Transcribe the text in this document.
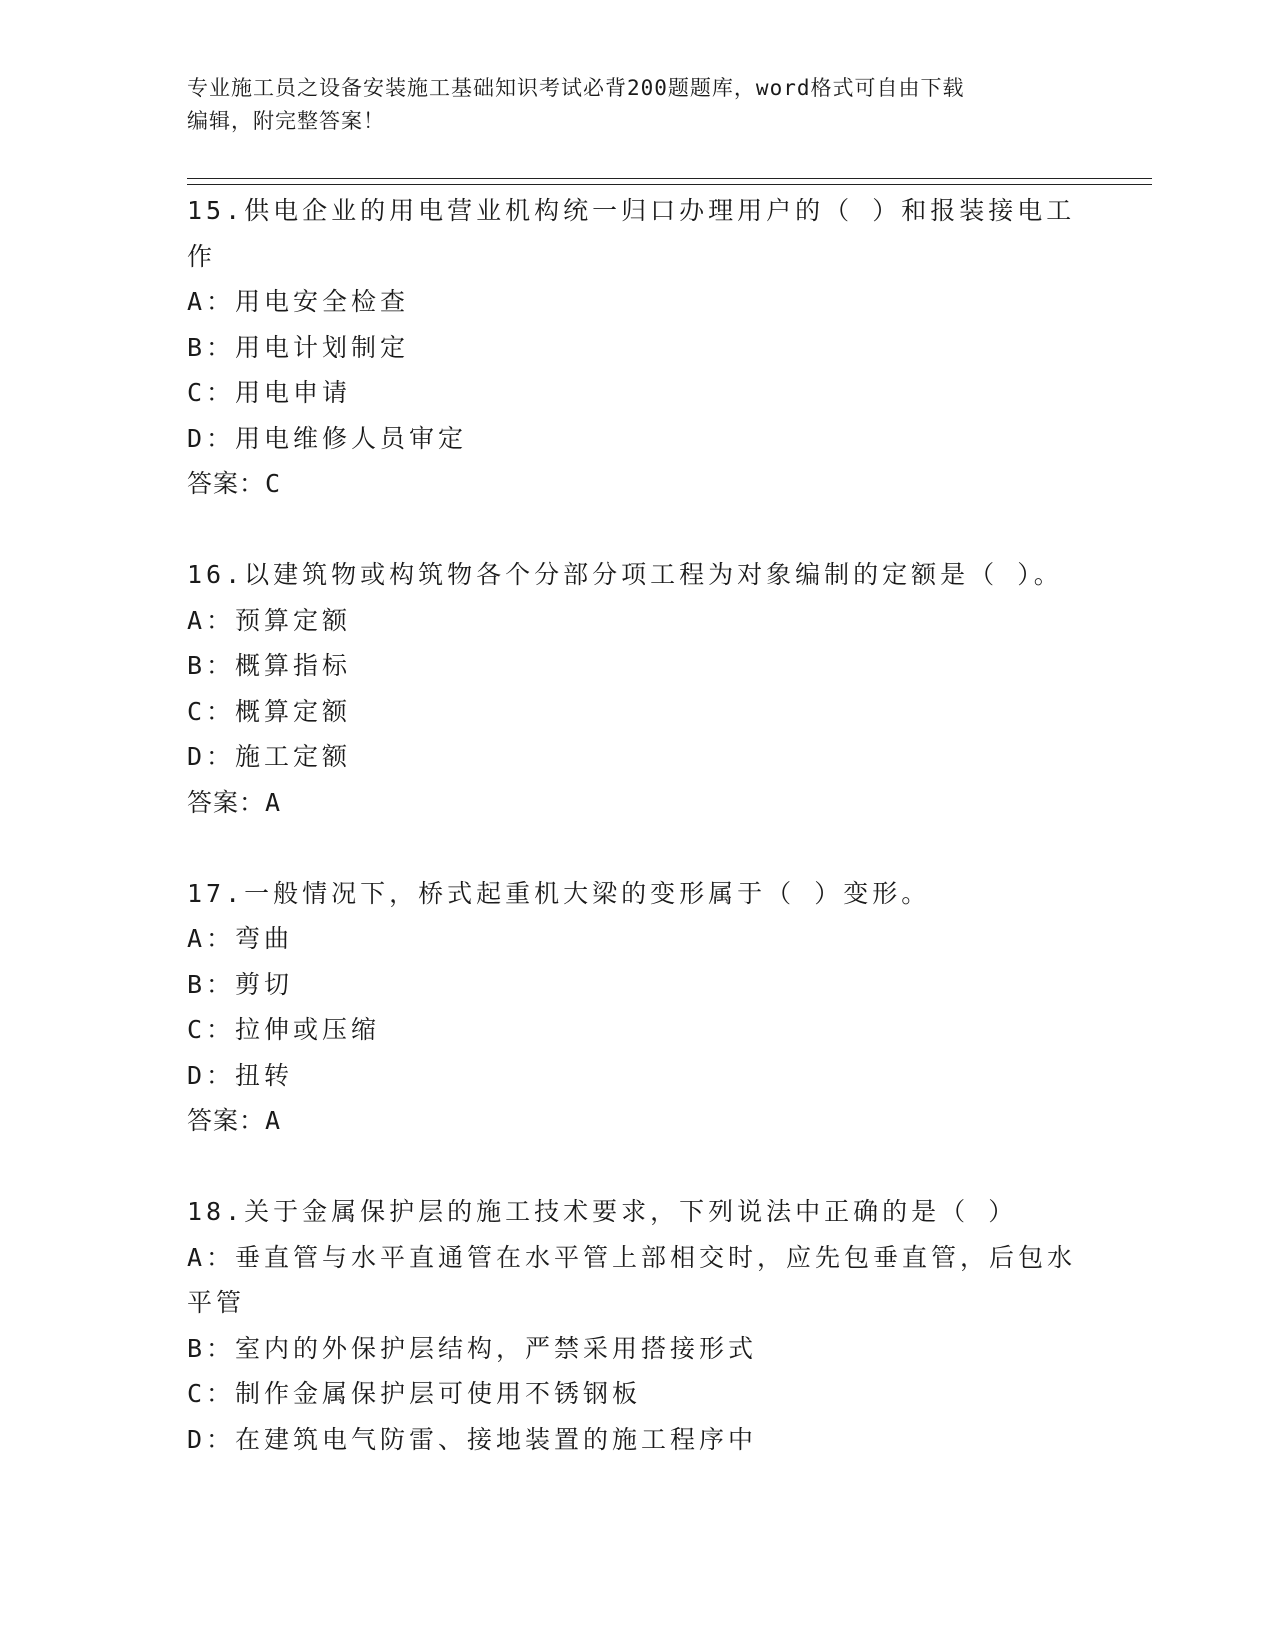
专业施工员之设备安装施工基础知识考试必背200题题库，word格式可自由下载
编辑，附完整答案！
15.供电企业的用电营业机构统一归口办理用户的（ ）和报装接电工
作
A：用电安全检查
B：用电计划制定
C：用电申请
D：用电维修人员审定
答案：C
16.以建筑物或构筑物各个分部分项工程为对象编制的定额是（ ）。
A：预算定额
B：概算指标
C：概算定额
D：施工定额
答案：A
17.一般情况下，桥式起重机大梁的变形属于（ ）变形。
A：弯曲
B：剪切
C：拉伸或压缩
D：扭转
答案：A
18.关于金属保护层的施工技术要求，下列说法中正确的是（ ）
A：垂直管与水平直通管在水平管上部相交时，应先包垂直管，后包水
平管
B：室内的外保护层结构，严禁采用搭接形式
C：制作金属保护层可使用不锈钢板
D：在建筑电气防雷、接地装置的施工程序中
